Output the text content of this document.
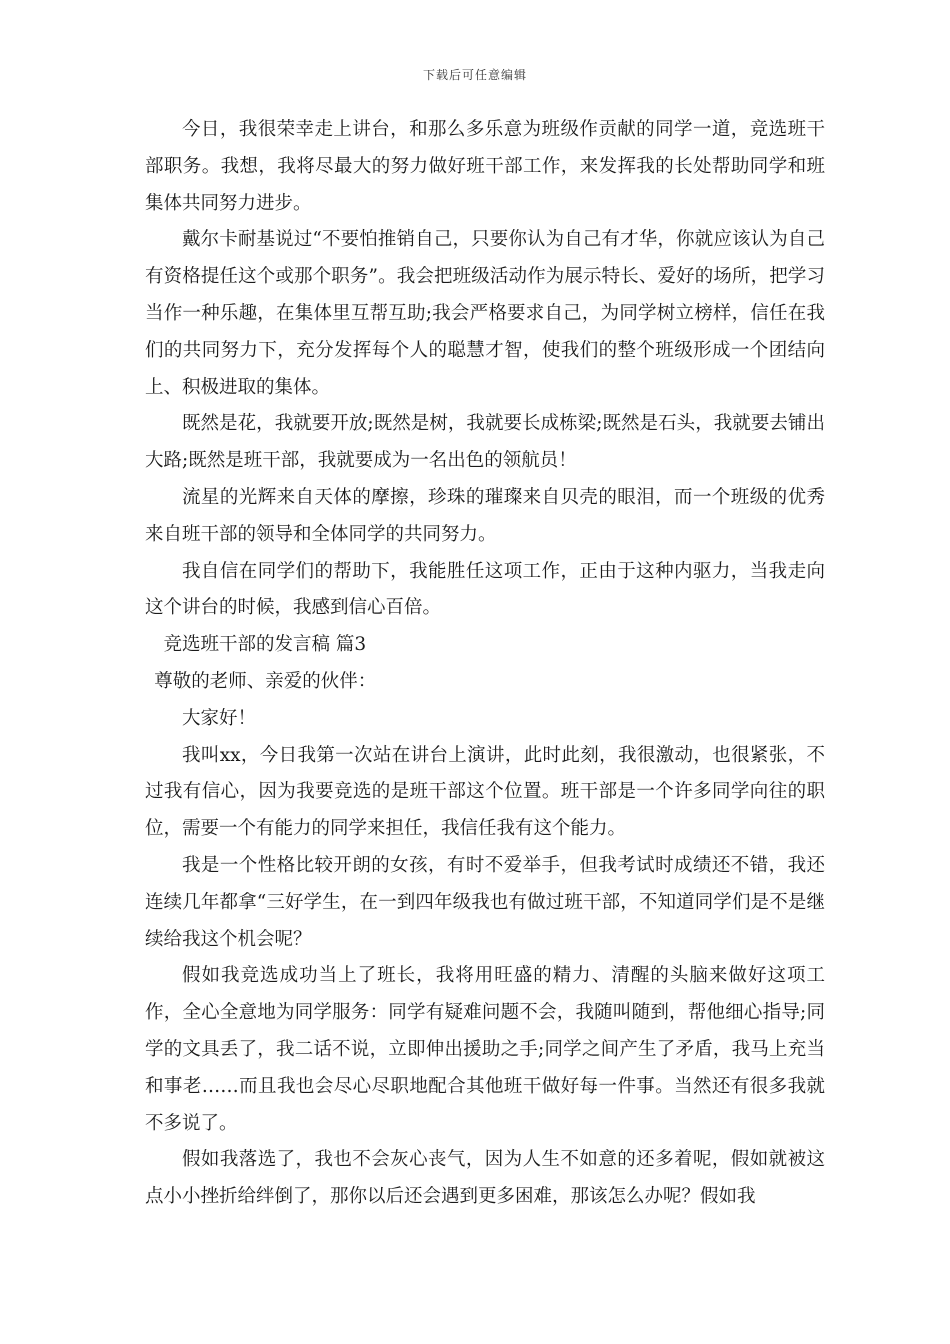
下载后可任意编辑

今日，我很荣幸走上讲台，和那么多乐意为班级作贡献的同学一道，竞选班干部职务。我想，我将尽最大的努力做好班干部工作，来发挥我的长处帮助同学和班集体共同努力进步。

戴尔卡耐基说过“不要怕推销自己，只要你认为自己有才华，你就应该认为自己有资格提任这个或那个职务”。我会把班级活动作为展示特长、爱好的场所，把学习当作一种乐趣，在集体里互帮互助;我会严格要求自己，为同学树立榜样，信任在我们的共同努力下，充分发挥每个人的聪慧才智，使我们的整个班级形成一个团结向上、积极进取的集体。

既然是花，我就要开放;既然是树，我就要长成栋梁;既然是石头，我就要去铺出大路;既然是班干部，我就要成为一名出色的领航员！

流星的光辉来自天体的摩擦，珍珠的璀璨来自贝壳的眼泪，而一个班级的优秀来自班干部的领导和全体同学的共同努力。

我自信在同学们的帮助下，我能胜任这项工作，正由于这种内驱力，当我走向这个讲台的时候，我感到信心百倍。

竞选班干部的发言稿 篇3

尊敬的老师、亲爱的伙伴：

大家好！

我叫xx，今日我第一次站在讲台上演讲，此时此刻，我很激动，也很紧张，不过我有信心，因为我要竞选的是班干部这个位置。班干部是一个许多同学向往的职位，需要一个有能力的同学来担任，我信任我有这个能力。

我是一个性格比较开朗的女孩，有时不爱举手，但我考试时成绩还不错，我还连续几年都拿“三好学生，在一到四年级我也有做过班干部，不知道同学们是不是继续给我这个机会呢？

假如我竞选成功当上了班长，我将用旺盛的精力、清醒的头脑来做好这项工作，全心全意地为同学服务：同学有疑难问题不会，我随叫随到，帮他细心指导;同学的文具丢了，我二话不说，立即伸出援助之手;同学之间产生了矛盾，我马上充当和事老……而且我也会尽心尽职地配合其他班干做好每一件事。当然还有很多我就不多说了。

假如我落选了，我也不会灰心丧气，因为人生不如意的还多着呢，假如就被这点小小挫折给绊倒了，那你以后还会遇到更多困难，那该怎么办呢？假如我
